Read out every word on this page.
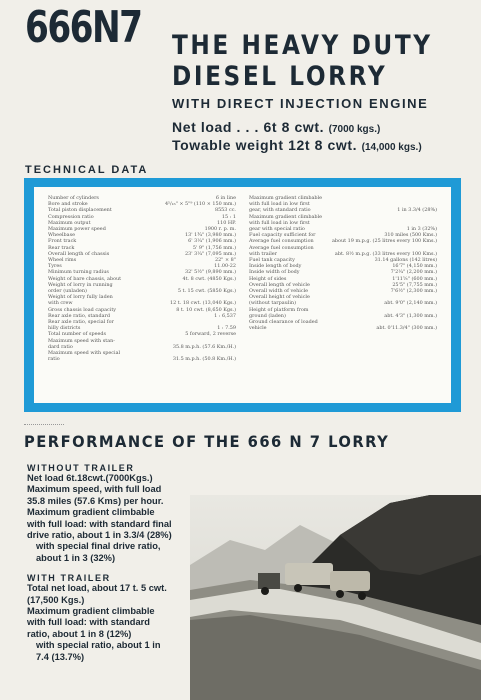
666N7 THE HEAVY DUTY
DIESEL LORRY
WITH DIRECT INJECTION ENGINE
Net load . . . 6t 8 cwt. (7000 kgs.)
Towable weight 12t 8 cwt. (14,000 kgs.)
TECHNICAL DATA
Number of cylinders	6 in line
Bore and stroke	4⁵/₁₆" × 5"⁹ (110 × 150 mm.)
Total piston displacement	8553 cc.
Compression ratio	15 : 1
Maximum output	110 HP.
Maximum power speed	1900 r. p. m.
Wheelbase	13' 1¾" (3,980 mm.)
Front track	6' 3¼" (1,906 mm.)
Rear track	5' 9" (1,756 mm.)
Overall length of chassis	23' 3¼" (7,095 mm.)
Wheel rims	22" × 8"
Tyres	11.00-22
Minimum turning radius	32' 5½" (9,890 mm.)
Weight of bare chassis, about	4t. 8 cwt. (4850 Kgs.)
Weight of lorry in running
order (unladen)	5 t. 15 cwt. (5850 Kgs.)
Weight of lorry fully laden
with crew	12 t. 18 cwt. (13,040 Kgs.)
Gross chassis load capacity	8 t. 10 cwt. (8,650 Kgs.)
Rear axle ratio, standard	1 : 6,537
Rear axle ratio, special for
hilly districts	1 : 7.59
Total number of speeds	5 forward, 2 reverse
Maximum speed with stan-
dard ratio	35.8 m.p.h. (57.6 Km./H.)
Maximum speed with special
ratio	31.5 m.p.h. (50.8 Km./H.)
Maximum gradient climbable
with full load in low first
gear, with standard ratio	1 in 3.3/4 (28%)
Maximum gradient climbable
with full load in low first
gear with special ratio	1 in 3 (32%)
Fuel capacity sufficient for	310 miles (500 Kms.)
Average fuel consumption	about 19 m.p.g. (25 litres every 100 Kms.)
Average fuel consumption
with trailer	abt. 8½ m.p.g. (33 litres every 100 Kms.)
Fuel tank capacity	31.14 gallons (142 litres)
Inside length of body	16'7" (4,150 mm.)
Inside width of body	7'2¼" (2,200 mm.)
Height of sides	1'11⅝" (600 mm.)
Overall length of vehicle	25'5" (7,755 mm.)
Overall width of vehicle	7'6½" (2,300 mm.)
Overall height of vehicle
(without tarpaulin)	abt. 9'0" (2,140 mm.)
Height of platform from
ground (laden)	abt. 4'3" (1,300 mm.)
Ground clearance of loaded
vehicle	abt. 0'11.3/4" (300 mm.)
PERFORMANCE OF THE 666 N 7 LORRY
WITHOUT TRAILER

Net load 6t.18cwt.(7000Kgs.)

Maximum speed, with full load 35.8 miles (57.6 Kms) per hour.

Maximum gradient climbable with full load: with standard final drive ratio, about 1 in 3.3/4 (28%)

with special final drive ratio, about 1 in 3 (32%)

WITH TRAILER

Total net load, about 17 t. 5 cwt. (17,500 Kgs.)

Maximum gradient climbable with full load: with standard ratio, about 1 in 8 (12%)

with special ratio, about 1 in 7.4 (13.7%)
